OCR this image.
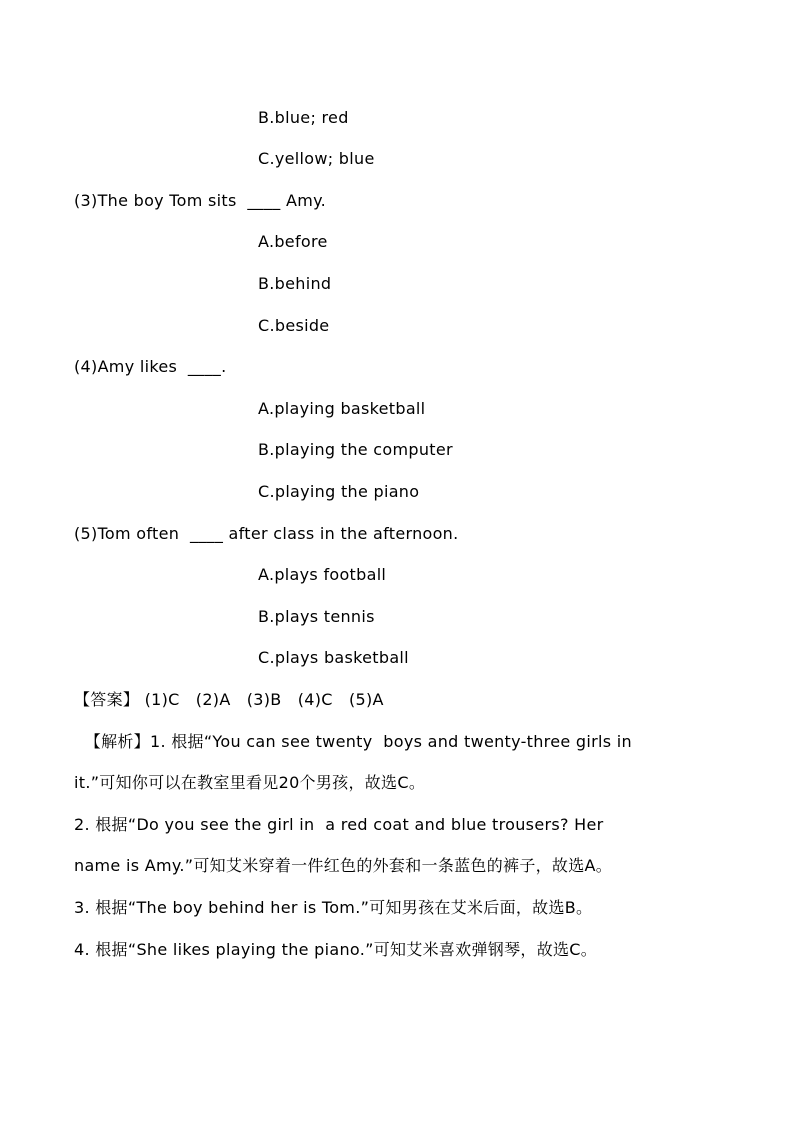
B.blue; red
C.yellow; blue
(3)The boy Tom sits  ____ Amy.
A.before
B.behind
C.beside
(4)Amy likes  ____.
A.playing basketball
B.playing the computer
C.playing the piano
(5)Tom often  ____ after class in the afternoon.
A.plays football
B.plays tennis
C.plays basketball
【答案】 (1)C   (2)A   (3)B   (4)C   (5)A
【解析】1. 根据“You can see twenty  boys and twenty-three girls in
it.”可知你可以在教室里看见20个男孩，故选C。
2. 根据“Do you see the girl in  a red coat and blue trousers? Her
name is Amy.”可知艾米穿着一件红色的外套和一条蓝色的裤子，故选A。
3. 根据“The boy behind her is Tom.”可知男孩在艾米后面，故选B。
4. 根据“She likes playing the piano.”可知艾米喜欢弹钢琴，故选C。
